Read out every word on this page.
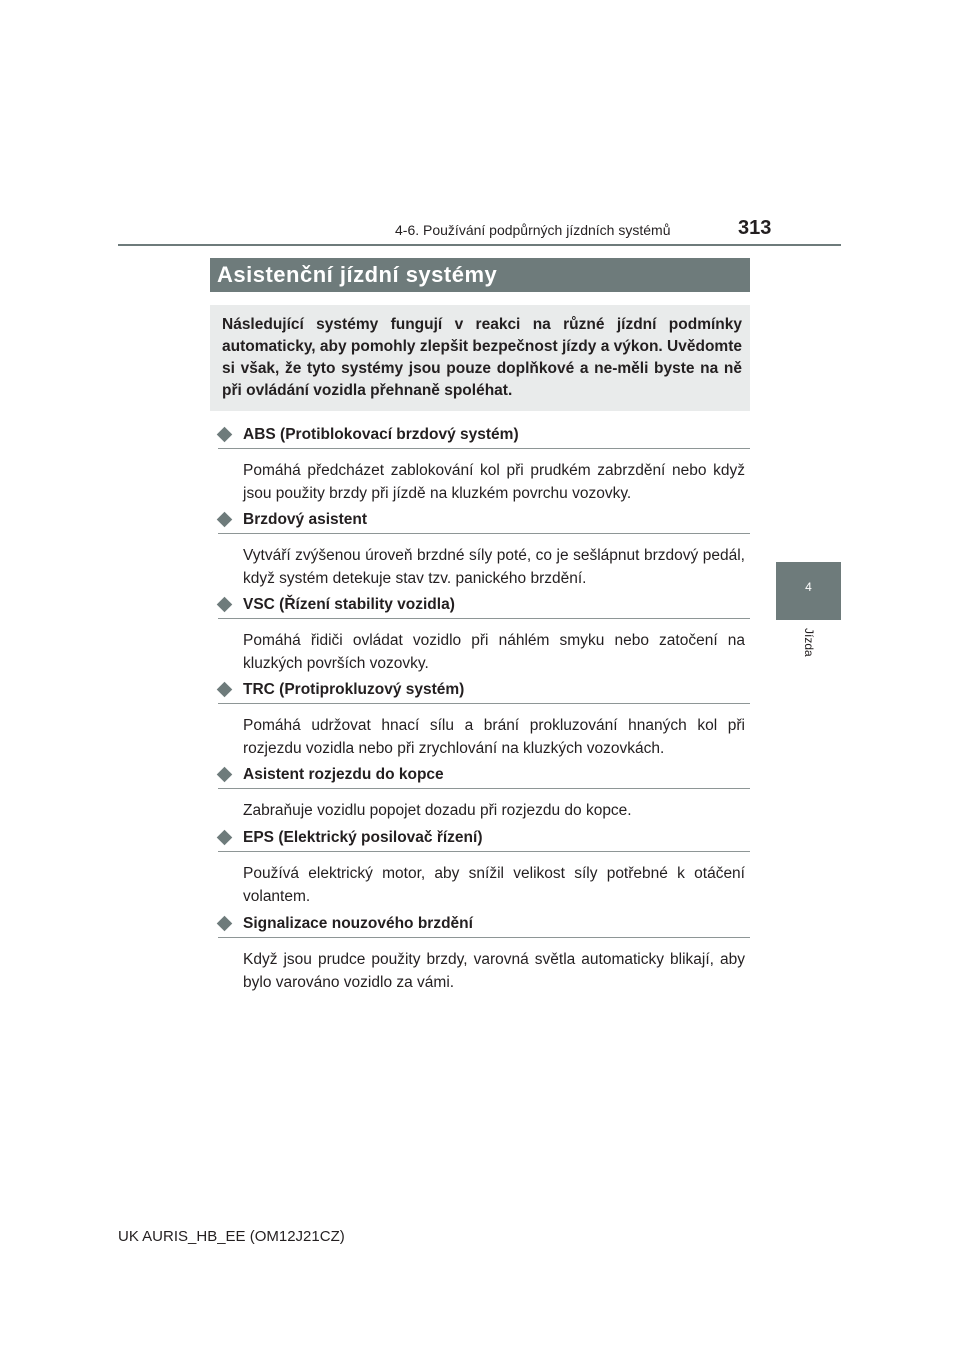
4-6. Používání podpůrných jízdních systémů	313
4
Jízda
Asistenční jízdní systémy
Následující systémy fungují v reakci na různé jízdní podmínky automaticky, aby pomohly zlepšit bezpečnost jízdy a výkon. Uvědomte si však, že tyto systémy jsou pouze doplňkové a ne-měli byste na ně při ovládání vozidla přehnaně spoléhat.
ABS (Protiblokovací brzdový systém)
Pomáhá předcházet zablokování kol při prudkém zabrzdění nebo když jsou použity brzdy při jízdě na kluzkém povrchu vozovky.
Brzdový asistent
Vytváří zvýšenou úroveň brzdné síly poté, co je sešlápnut brzdový pedál, když systém detekuje stav tzv. panického brzdění.
VSC (Řízení stability vozidla)
Pomáhá řidiči ovládat vozidlo při náhlém smyku nebo zatočení na kluzkých površích vozovky.
TRC (Protiprokluzový systém)
Pomáhá udržovat hnací sílu a brání prokluzování hnaných kol při rozjezdu vozidla nebo při zrychlování na kluzkých vozovkách.
Asistent rozjezdu do kopce
Zabraňuje vozidlu popojet dozadu při rozjezdu do kopce.
EPS (Elektrický posilovač řízení)
Používá elektrický motor, aby snížil velikost síly potřebné k otáčení volantem.
Signalizace nouzového brzdění
Když jsou prudce použity brzdy, varovná světla automaticky blikají, aby bylo varováno vozidlo za vámi.
UK AURIS_HB_EE (OM12J21CZ)
